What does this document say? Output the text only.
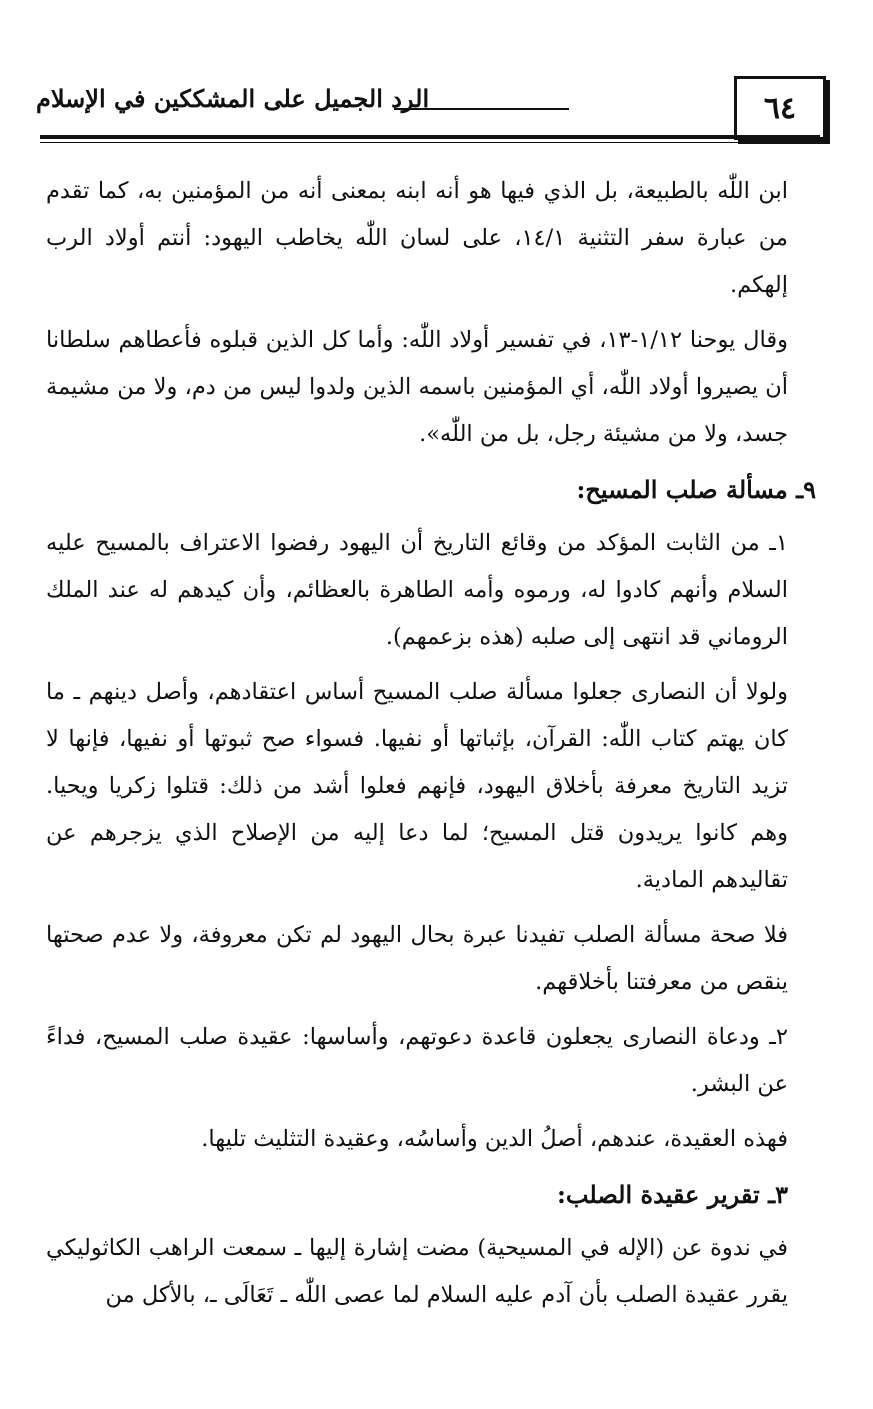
٦٤
الرد الجميل على المشككين في الإسلام

ابن اللّٰه بالطبيعة، بل الذي فيها هو أنه ابنه بمعنى أنه من المؤمنين به، كما تقدم من عبارة سفر التثنية ١٤/١، على لسان اللّٰه يخاطب اليهود: أنتم أولاد الرب إلهكم.

وقال يوحنا ١/١٢-١٣، في تفسير أولاد اللّٰه: وأما كل الذين قبلوه فأعطاهم سلطانا أن يصيروا أولاد اللّٰه، أي المؤمنين باسمه الذين ولدوا ليس من دم، ولا من مشيمة جسد، ولا من مشيئة رجل، بل من اللّٰه».

٩ـ مسألة صلب المسيح:

١ـ من الثابت المؤكد من وقائع التاريخ أن اليهود رفضوا الاعتراف بالمسيح عليه السلام وأنهم كادوا له، ورموه وأمه الطاهرة بالعظائم، وأن كيدهم له عند الملك الروماني قد انتهى إلى صلبه (هذه بزعمهم).

ولولا أن النصارى جعلوا مسألة صلب المسيح أساس اعتقادهم، وأصل دينهم ـ ما كان يهتم كتاب اللّٰه: القرآن، بإثباتها أو نفيها. فسواء صح ثبوتها أو نفيها، فإنها لا تزيد التاريخ معرفة بأخلاق اليهود، فإنهم فعلوا أشد من ذلك: قتلوا زكريا ويحيا. وهم كانوا يريدون قتل المسيح؛ لما دعا إليه من الإصلاح الذي يزجرهم عن تقاليدهم المادية.

فلا صحة مسألة الصلب تفيدنا عبرة بحال اليهود لم تكن معروفة، ولا عدم صحتها ينقص من معرفتنا بأخلاقهم.

٢ـ ودعاة النصارى يجعلون قاعدة دعوتهم، وأساسها: عقيدة صلب المسيح، فداءً عن البشر.

فهذه العقيدة، عندهم، أصلُ الدين وأساسُه، وعقيدة التثليث تليها.

٣ـ تقرير عقيدة الصلب:

في ندوة عن (الإله في المسيحية) مضت إشارة إليها ـ سمعت الراهب الكاثوليكي يقرر عقيدة الصلب بأن آدم عليه السلام لما عصى اللّٰه ـ تَعَالَى ـ، بالأكل من
